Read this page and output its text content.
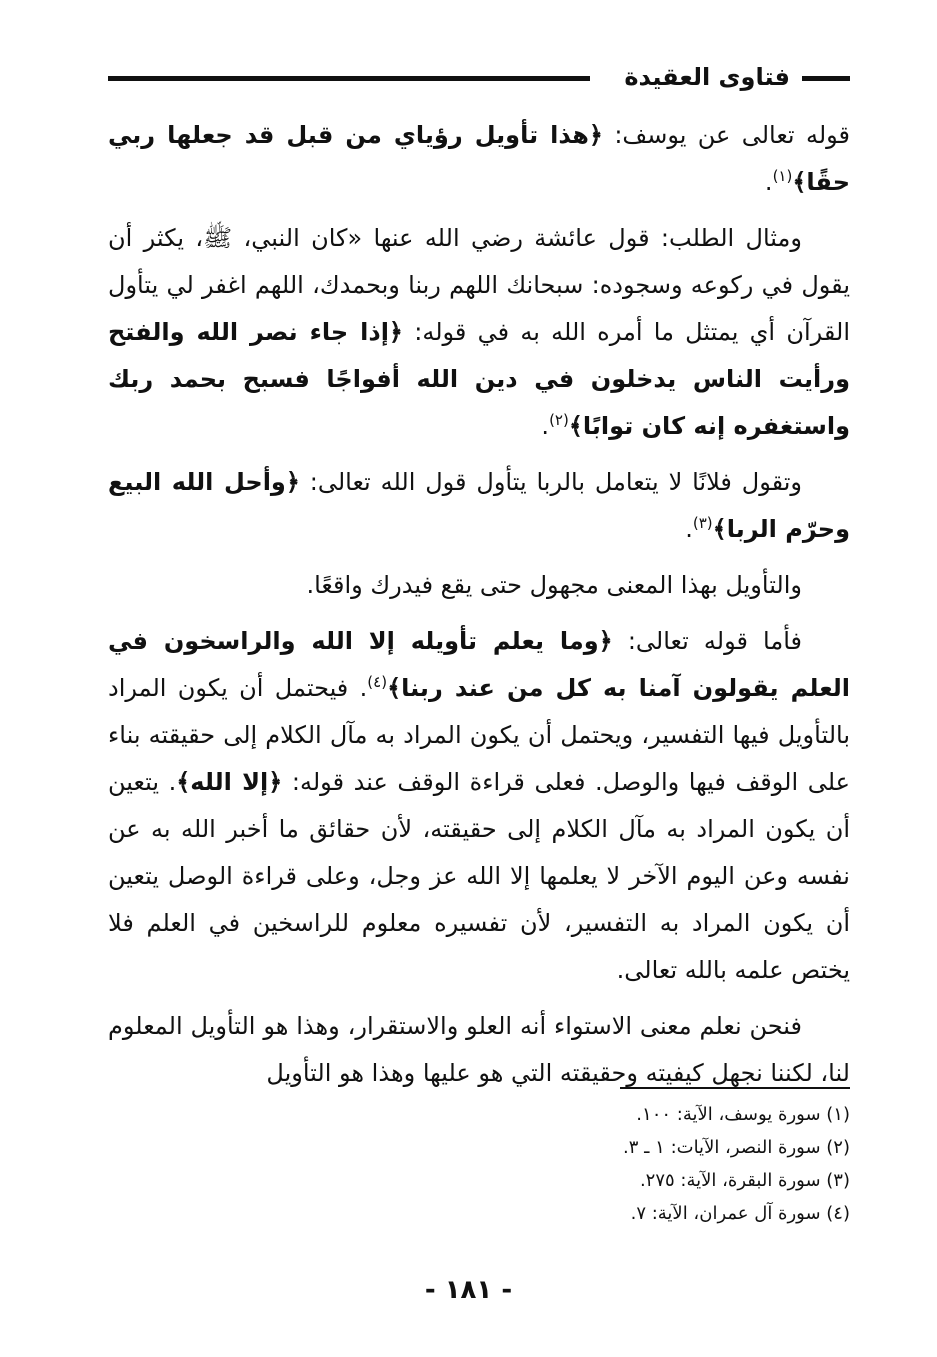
فتاوى العقيدة

قوله تعالى عن يوسف: ﴿هذا تأويل رؤياي من قبل قد جعلها ربي حقًا﴾$^{(١)}$.

ومثال الطلب: قول عائشة رضي الله عنها «كان النبي، ﷺ، يكثر أن يقول في ركوعه وسجوده: سبحانك اللهم ربنا وبحمدك، اللهم اغفر لي يتأول القرآن أي يمتثل ما أمره الله به في قوله: ﴿إذا جاء نصر الله والفتح ورأيت الناس يدخلون في دين الله أفواجًا فسبح بحمد ربك واستغفره إنه كان توابًا﴾$^{(٢)}$.

وتقول فلانًا لا يتعامل بالربا يتأول قول الله تعالى: ﴿وأحل الله البيع وحرّم الربا﴾$^{(٣)}$.

والتأويل بهذا المعنى مجهول حتى يقع فيدرك واقعًا.

فأما قوله تعالى: ﴿وما يعلم تأويله إلا الله والراسخون في العلم يقولون آمنا به كل من عند ربنا﴾$^{(٤)}$. فيحتمل أن يكون المراد بالتأويل فيها التفسير، ويحتمل أن يكون المراد به مآل الكلام إلى حقيقته بناء على الوقف فيها والوصل. فعلى قراءة الوقف عند قوله: ﴿إلا الله﴾. يتعين أن يكون المراد به مآل الكلام إلى حقيقته، لأن حقائق ما أخبر الله به عن نفسه وعن اليوم الآخر لا يعلمها إلا الله عز وجل، وعلى قراءة الوصل يتعين أن يكون المراد به التفسير، لأن تفسيره معلوم للراسخين في العلم فلا يختص علمه بالله تعالى.

فنحن نعلم معنى الاستواء أنه العلو والاستقرار، وهذا هو التأويل المعلوم لنا، لكننا نجهل كيفيته وحقيقته التي هو عليها وهذا هو التأويل

(١) سورة يوسف، الآية: ١٠٠.

(٢) سورة النصر، الآيات: ١ ـ ٣.

(٣) سورة البقرة، الآية: ٢٧٥.

(٤) سورة آل عمران، الآية: ٧.

- ١٨١ -
